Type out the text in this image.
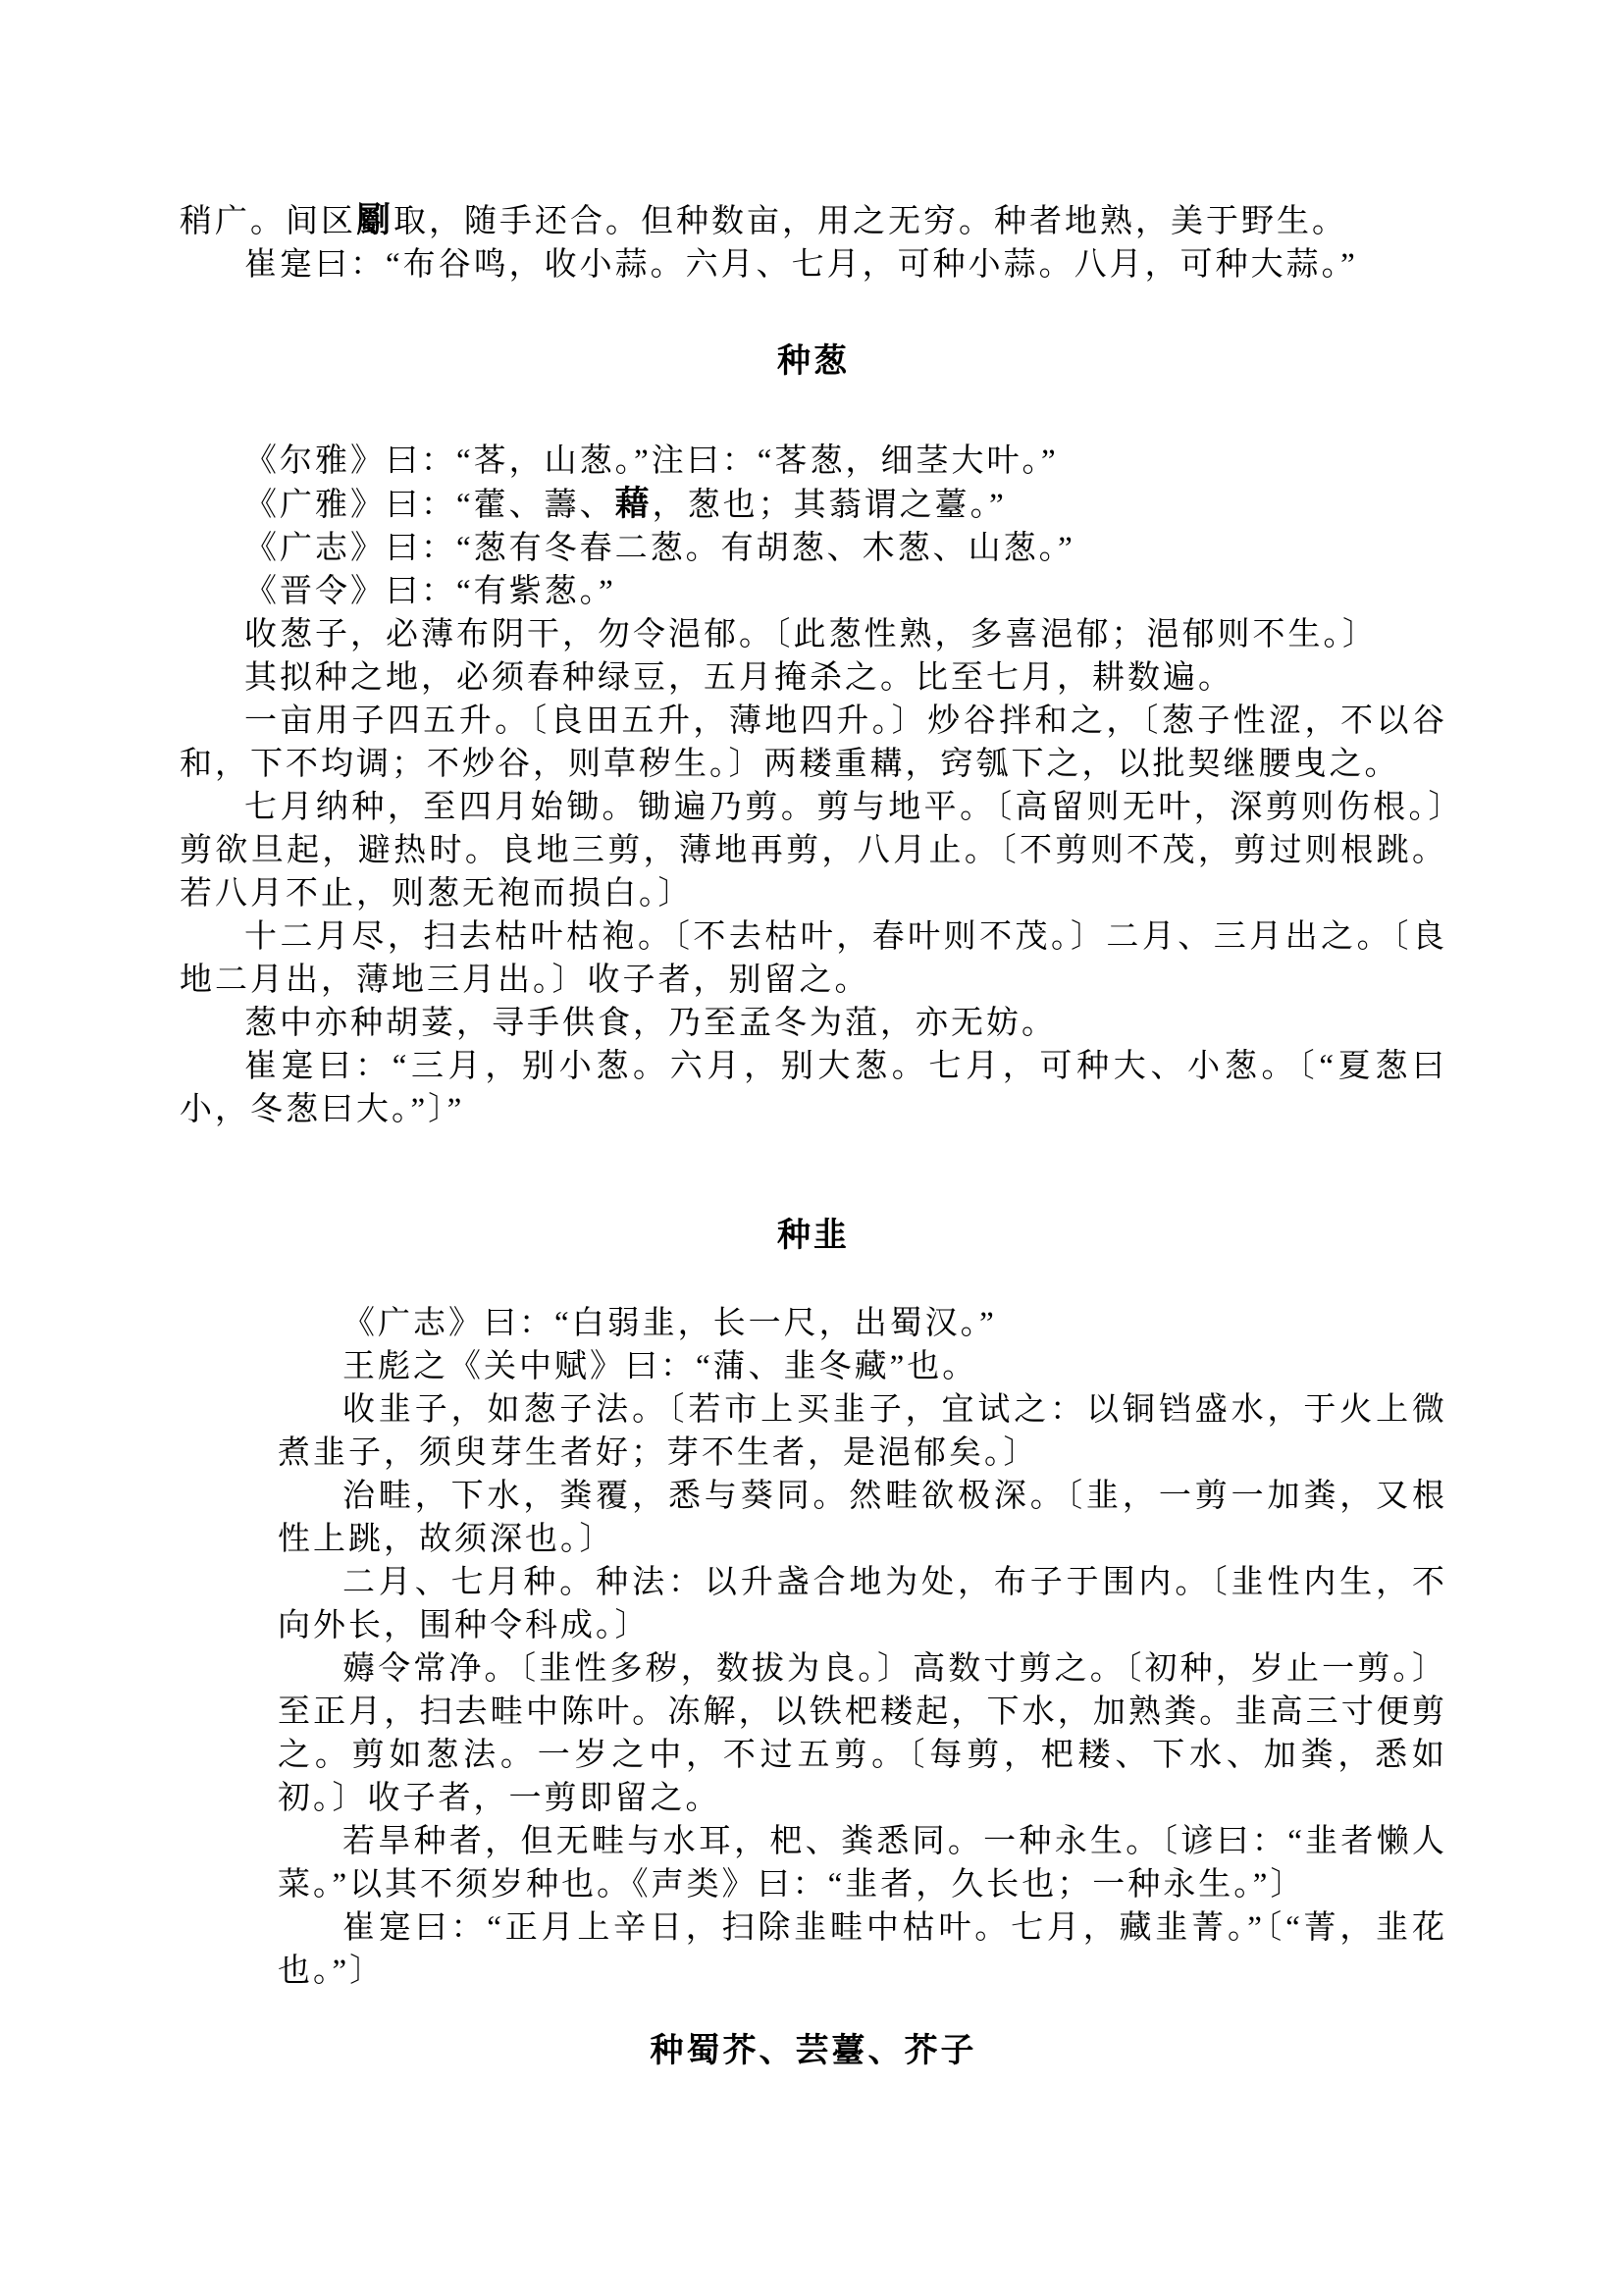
稍广。间区劚取，随手还合。但种数亩，用之无穷。种者地熟，美于野生。

崔寔曰：“布谷鸣，收小蒜。六月、七月，可种小蒜。八月，可种大蒜。”

种葱

《尔雅》曰：“茖，山葱。”注曰：“茖葱，细茎大叶。”

《广雅》曰：“藿、薵、藉，葱也；其蓊谓之薹。”

《广志》曰：“葱有冬春二葱。有胡葱、木葱、山葱。”

《晋令》曰：“有紫葱。”

收葱子，必薄布阴干，勿令浥郁。〔此葱性熟，多喜浥郁；浥郁则不生。〕

其拟种之地，必须春种绿豆，五月掩杀之。比至七月，耕数遍。

一亩用子四五升。〔良田五升，薄地四升。〕炒谷拌和之，〔葱子性涩，不以谷和，下不均调；不炒谷，则草秽生。〕两耧重耩，窍瓠下之，以批契继腰曳之。

七月纳种，至四月始锄。锄遍乃剪。剪与地平。〔高留则无叶，深剪则伤根。〕剪欲旦起，避热时。良地三剪，薄地再剪，八月止。〔不剪则不茂，剪过则根跳。若八月不止，则葱无袍而损白。〕

十二月尽，扫去枯叶枯袍。〔不去枯叶，春叶则不茂。〕二月、三月出之。〔良地二月出，薄地三月出。〕收子者，别留之。

葱中亦种胡荽，寻手供食，乃至孟冬为菹，亦无妨。

崔寔曰：“三月，别小葱。六月，别大葱。七月，可种大、小葱。〔“夏葱曰小，冬葱曰大。”〕”

种韭

《广志》曰：“白弱韭，长一尺，出蜀汉。”

王彪之《关中赋》曰：“蒲、韭冬藏”也。

收韭子，如葱子法。〔若市上买韭子，宜试之：以铜铛盛水，于火上微煮韭子，须臾芽生者好；芽不生者，是浥郁矣。〕

治畦，下水，粪覆，悉与葵同。然畦欲极深。〔韭，一剪一加粪，又根性上跳，故须深也。〕

二月、七月种。种法：以升盏合地为处，布子于围内。〔韭性内生，不向外长，围种令科成。〕

薅令常净。〔韭性多秽，数拔为良。〕高数寸剪之。〔初种，岁止一剪。〕至正月，扫去畦中陈叶。冻解，以铁杷耧起，下水，加熟粪。韭高三寸便剪之。剪如葱法。一岁之中，不过五剪。〔每剪，杷耧、下水、加粪，悉如初。〕收子者，一剪即留之。

若旱种者，但无畦与水耳，杷、粪悉同。一种永生。〔谚曰：“韭者懒人菜。”以其不须岁种也。《声类》曰：“韭者，久长也；一种永生。”〕

崔寔曰：“正月上辛日，扫除韭畦中枯叶。七月，藏韭菁。”〔“菁，韭花也。”〕

种蜀芥、芸薹、芥子
